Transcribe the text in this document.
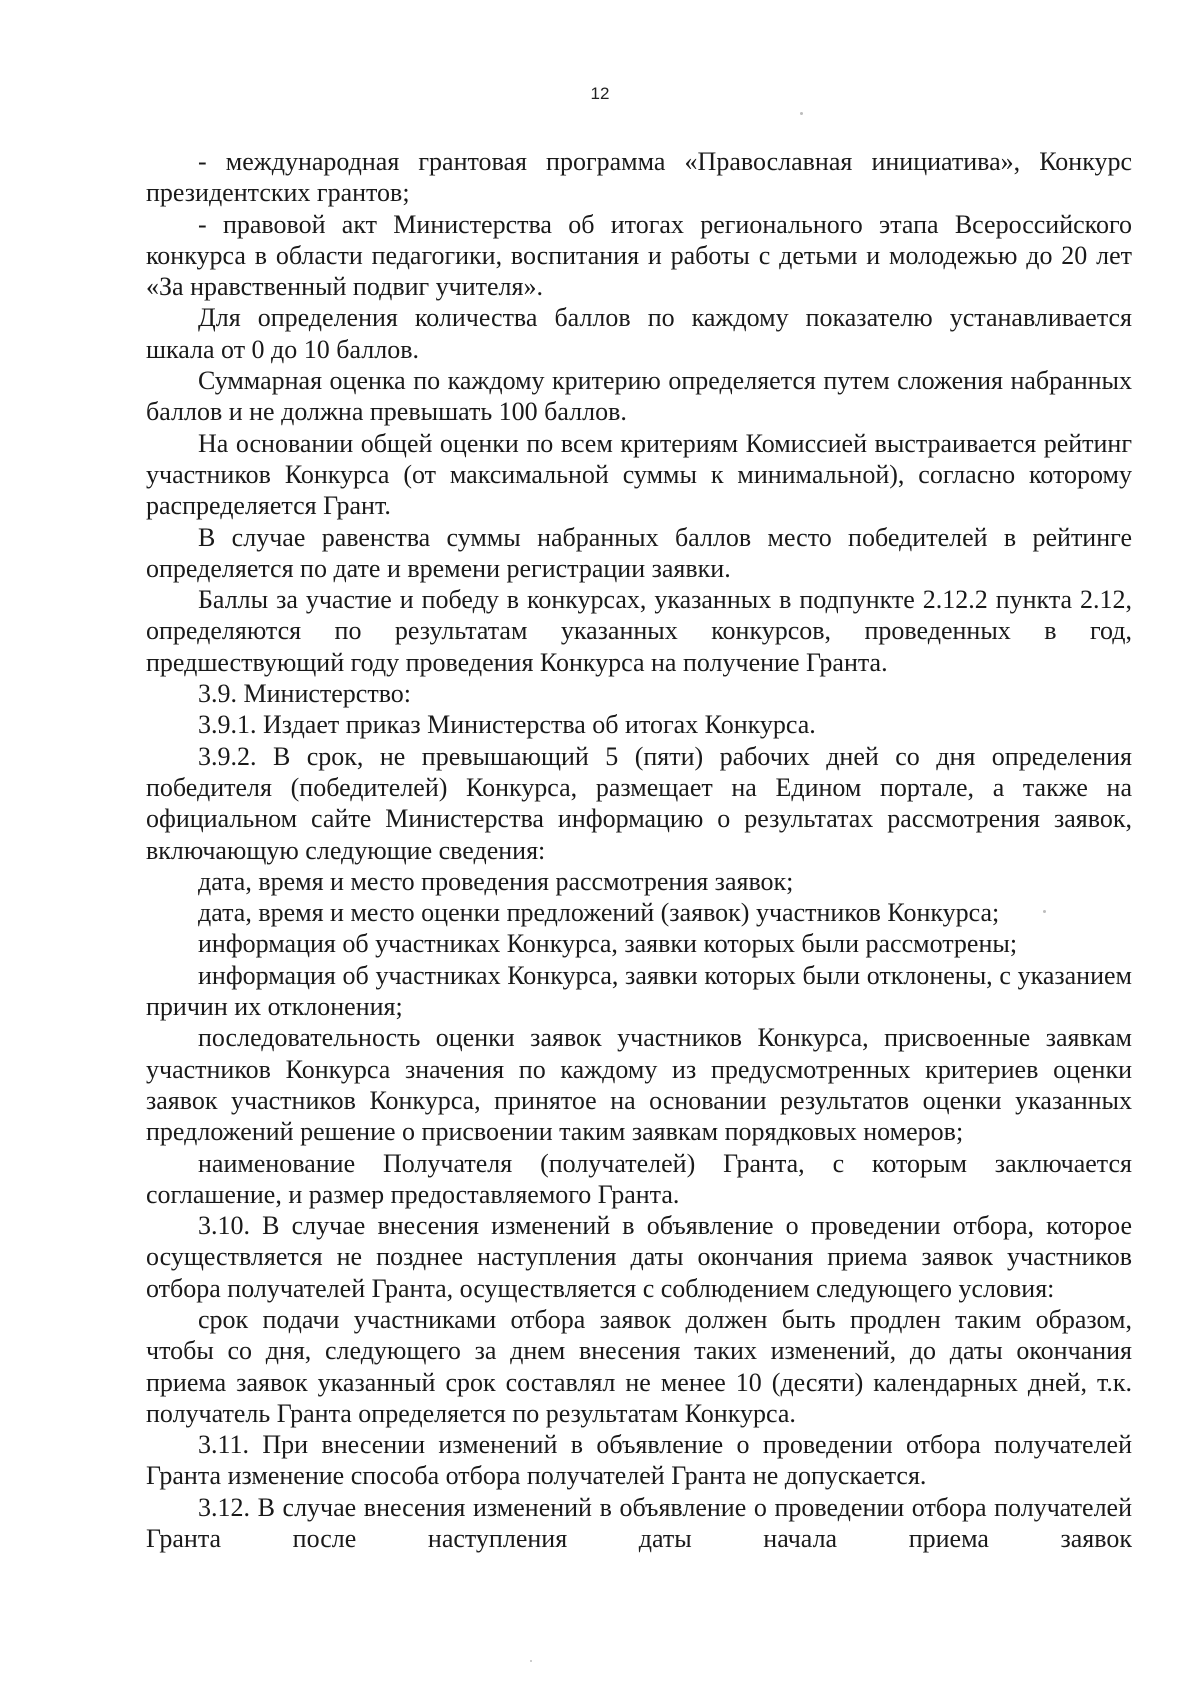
12

- международная грантовая программа «Православная инициатива», Конкурс президентских грантов;

- правовой акт Министерства об итогах регионального этапа Всероссийского конкурса в области педагогики, воспитания и работы с детьми и молодежью до 20 лет «За нравственный подвиг учителя».

Для определения количества баллов по каждому показателю устанавливается шкала от 0 до 10 баллов.

Суммарная оценка по каждому критерию определяется путем сложения набранных баллов и не должна превышать 100 баллов.

На основании общей оценки по всем критериям Комиссией выстраивается рейтинг участников Конкурса (от максимальной суммы к минимальной), согласно которому распределяется Грант.

В случае равенства суммы набранных баллов место победителей в рейтинге определяется по дате и времени регистрации заявки.

Баллы за участие и победу в конкурсах, указанных в подпункте 2.12.2 пункта 2.12, определяются по результатам указанных конкурсов, проведенных в год, предшествующий году проведения Конкурса на получение Гранта.

3.9. Министерство:

3.9.1. Издает приказ Министерства об итогах Конкурса.

3.9.2. В срок, не превышающий 5 (пяти) рабочих дней со дня определения победителя (победителей) Конкурса, размещает на Едином портале, а также на официальном сайте Министерства информацию о результатах рассмотрения заявок, включающую следующие сведения:

дата, время и место проведения рассмотрения заявок;

дата, время и место оценки предложений (заявок) участников Конкурса;

информация об участниках Конкурса, заявки которых были рассмотрены;

информация об участниках Конкурса, заявки которых были отклонены, с указанием причин их отклонения;

последовательность оценки заявок участников Конкурса, присвоенные заявкам участников Конкурса значения по каждому из предусмотренных критериев оценки заявок участников Конкурса, принятое на основании результатов оценки указанных предложений решение о присвоении таким заявкам порядковых номеров;

наименование Получателя (получателей) Гранта, с которым заключается соглашение, и размер предоставляемого Гранта.

3.10. В случае внесения изменений в объявление о проведении отбора, которое осуществляется не позднее наступления даты окончания приема заявок участников отбора получателей Гранта, осуществляется с соблюдением следующего условия:

срок подачи участниками отбора заявок должен быть продлен таким образом, чтобы со дня, следующего за днем внесения таких изменений, до даты окончания приема заявок указанный срок составлял не менее 10 (десяти) календарных дней, т.к. получатель Гранта определяется по результатам Конкурса.

3.11. При внесении изменений в объявление о проведении отбора получателей Гранта изменение способа отбора получателей Гранта не допускается.

3.12. В случае внесения изменений в объявление о проведении отбора получателей Гранта после наступления даты начала приема заявок
